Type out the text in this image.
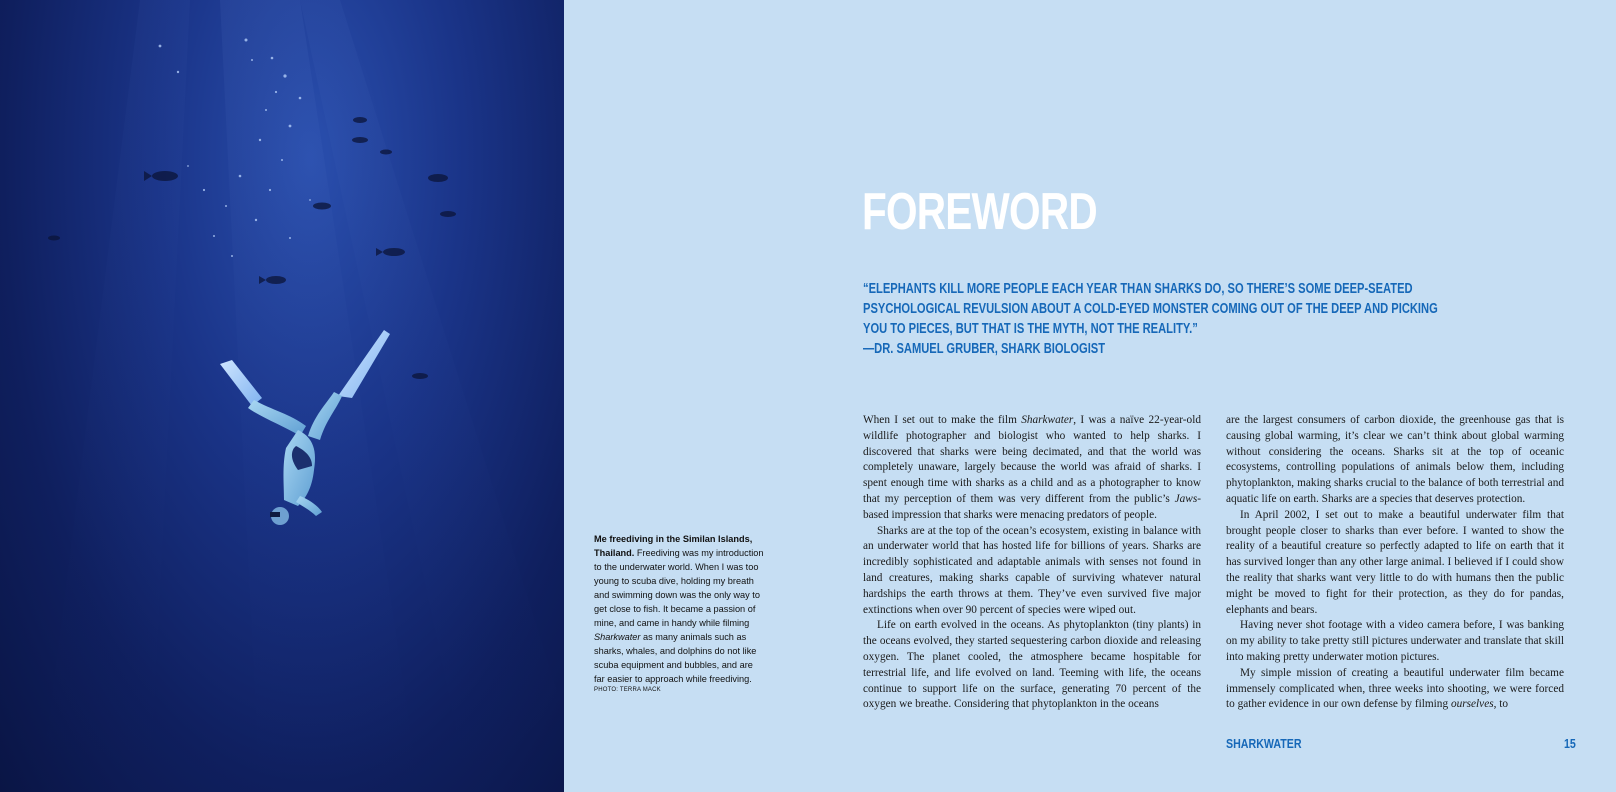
Me freediving in the Similan Islands, Thailand. Freediving was my introduction to the underwater world. When I was too young to scuba dive, holding my breath and swimming down was the only way to get close to fish. It became a passion of mine, and came in handy while filming Sharkwater as many animals such as sharks, whales, and dolphins do not like scuba equipment and bubbles, and are far easier to approach while freediving.
PHOTO: TERRA MACK
FOREWORD
“ELEPHANTS KILL MORE PEOPLE EACH YEAR THAN SHARKS DO, SO THERE’S SOME DEEP-SEATED
PSYCHOLOGICAL REVULSION ABOUT A COLD-EYED MONSTER COMING OUT OF THE DEEP AND PICKING
YOU TO PIECES, BUT THAT IS THE MYTH, NOT THE REALITY.”
—DR. SAMUEL GRUBER, SHARK BIOLOGIST

When I set out to make the film Sharkwater, I was a naïve 22-year-old wildlife photographer and biologist who wanted to help sharks. I discovered that sharks were being decimated, and that the world was completely unaware, largely because the world was afraid of sharks. I spent enough time with sharks as a child and as a photographer to know that my perception of them was very different from the public’s Jaws-based impression that sharks were menacing predators of people.

Sharks are at the top of the ocean’s ecosystem, existing in balance with an underwater world that has hosted life for billions of years. Sharks are incredibly sophisticated and adaptable animals with senses not found in land creatures, making sharks capable of surviving whatever natural hardships the earth throws at them. They’ve even survived five major extinctions when over 90 percent of species were wiped out.

Life on earth evolved in the oceans. As phytoplankton (tiny plants) in the oceans evolved, they started sequestering carbon dioxide and releasing oxygen. The planet cooled, the atmosphere became hospitable for terrestrial life, and life evolved on land. Teeming with life, the oceans continue to support life on the surface, generating 70 percent of the oxygen we breathe. Considering that phytoplankton in the oceans

are the largest consumers of carbon dioxide, the greenhouse gas that is causing global warming, it’s clear we can’t think about global warming without considering the oceans. Sharks sit at the top of oceanic ecosystems, controlling populations of animals below them, including phytoplankton, making sharks crucial to the balance of both terrestrial and aquatic life on earth. Sharks are a species that deserves protection.

In April 2002, I set out to make a beautiful underwater film that brought people closer to sharks than ever before. I wanted to show the reality of a beautiful creature so perfectly adapted to life on earth that it has survived longer than any other large animal. I believed if I could show the reality that sharks want very little to do with humans then the public might be moved to fight for their protection, as they do for pandas, elephants and bears.

Having never shot footage with a video camera before, I was banking on my ability to take pretty still pictures underwater and translate that skill into making pretty underwater motion pictures.

My simple mission of creating a beautiful underwater film became immensely complicated when, three weeks into shooting, we were forced to gather evidence in our own defense by filming ourselves, to

SHARKWATER	15
